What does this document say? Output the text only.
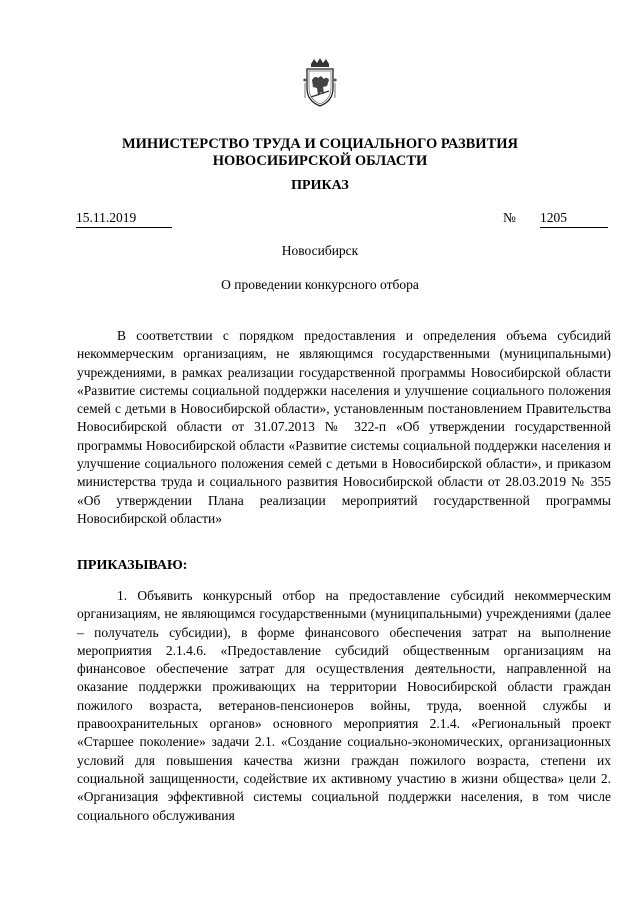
МИНИСТЕРСТВО ТРУДА И СОЦИАЛЬНОГО РАЗВИТИЯ
НОВОСИБИРСКОЙ ОБЛАСТИ
ПРИКАЗ
15.11.2019	№ 1205
Новосибирск
О проведении конкурсного отбора

В соответствии с порядком предоставления и определения объема субсидий некоммерческим организациям, не являющимся государственными (муниципальными) учреждениями, в рамках реализации государственной программы Новосибирской области «Развитие системы социальной поддержки населения и улучшение социального положения семей с детьми в Новосибирской области», установленным постановлением Правительства Новосибирской области от 31.07.2013 № 322-п «Об утверждении государственной программы Новосибирской области «Развитие системы социальной поддержки населения и улучшение социального положения семей с детьми в Новосибирской области», и приказом министерства труда и социального развития Новосибирской области от 28.03.2019 № 355 «Об утверждении Плана реализации мероприятий государственной программы Новосибирской области»

ПРИКАЗЫВАЮ:

1. Объявить конкурсный отбор на предоставление субсидий некоммерческим организациям, не являющимся государственными (муниципальными) учреждениями (далее – получатель субсидии), в форме финансового обеспечения затрат на выполнение мероприятия 2.1.4.6. «Предоставление субсидий общественным организациям на финансовое обеспечение затрат для осуществления деятельности, направленной на оказание поддержки проживающих на территории Новосибирской области граждан пожилого возраста, ветеранов-пенсионеров войны, труда, военной службы и правоохранительных органов» основного мероприятия 2.1.4. «Региональный проект «Старшее поколение» задачи 2.1. «Создание социально-экономических, организационных условий для повышения качества жизни граждан пожилого возраста, степени их социальной защищенности, содействие их активному участию в жизни общества» цели 2. «Организация эффективной системы социальной поддержки населения, в том числе социального обслуживания
